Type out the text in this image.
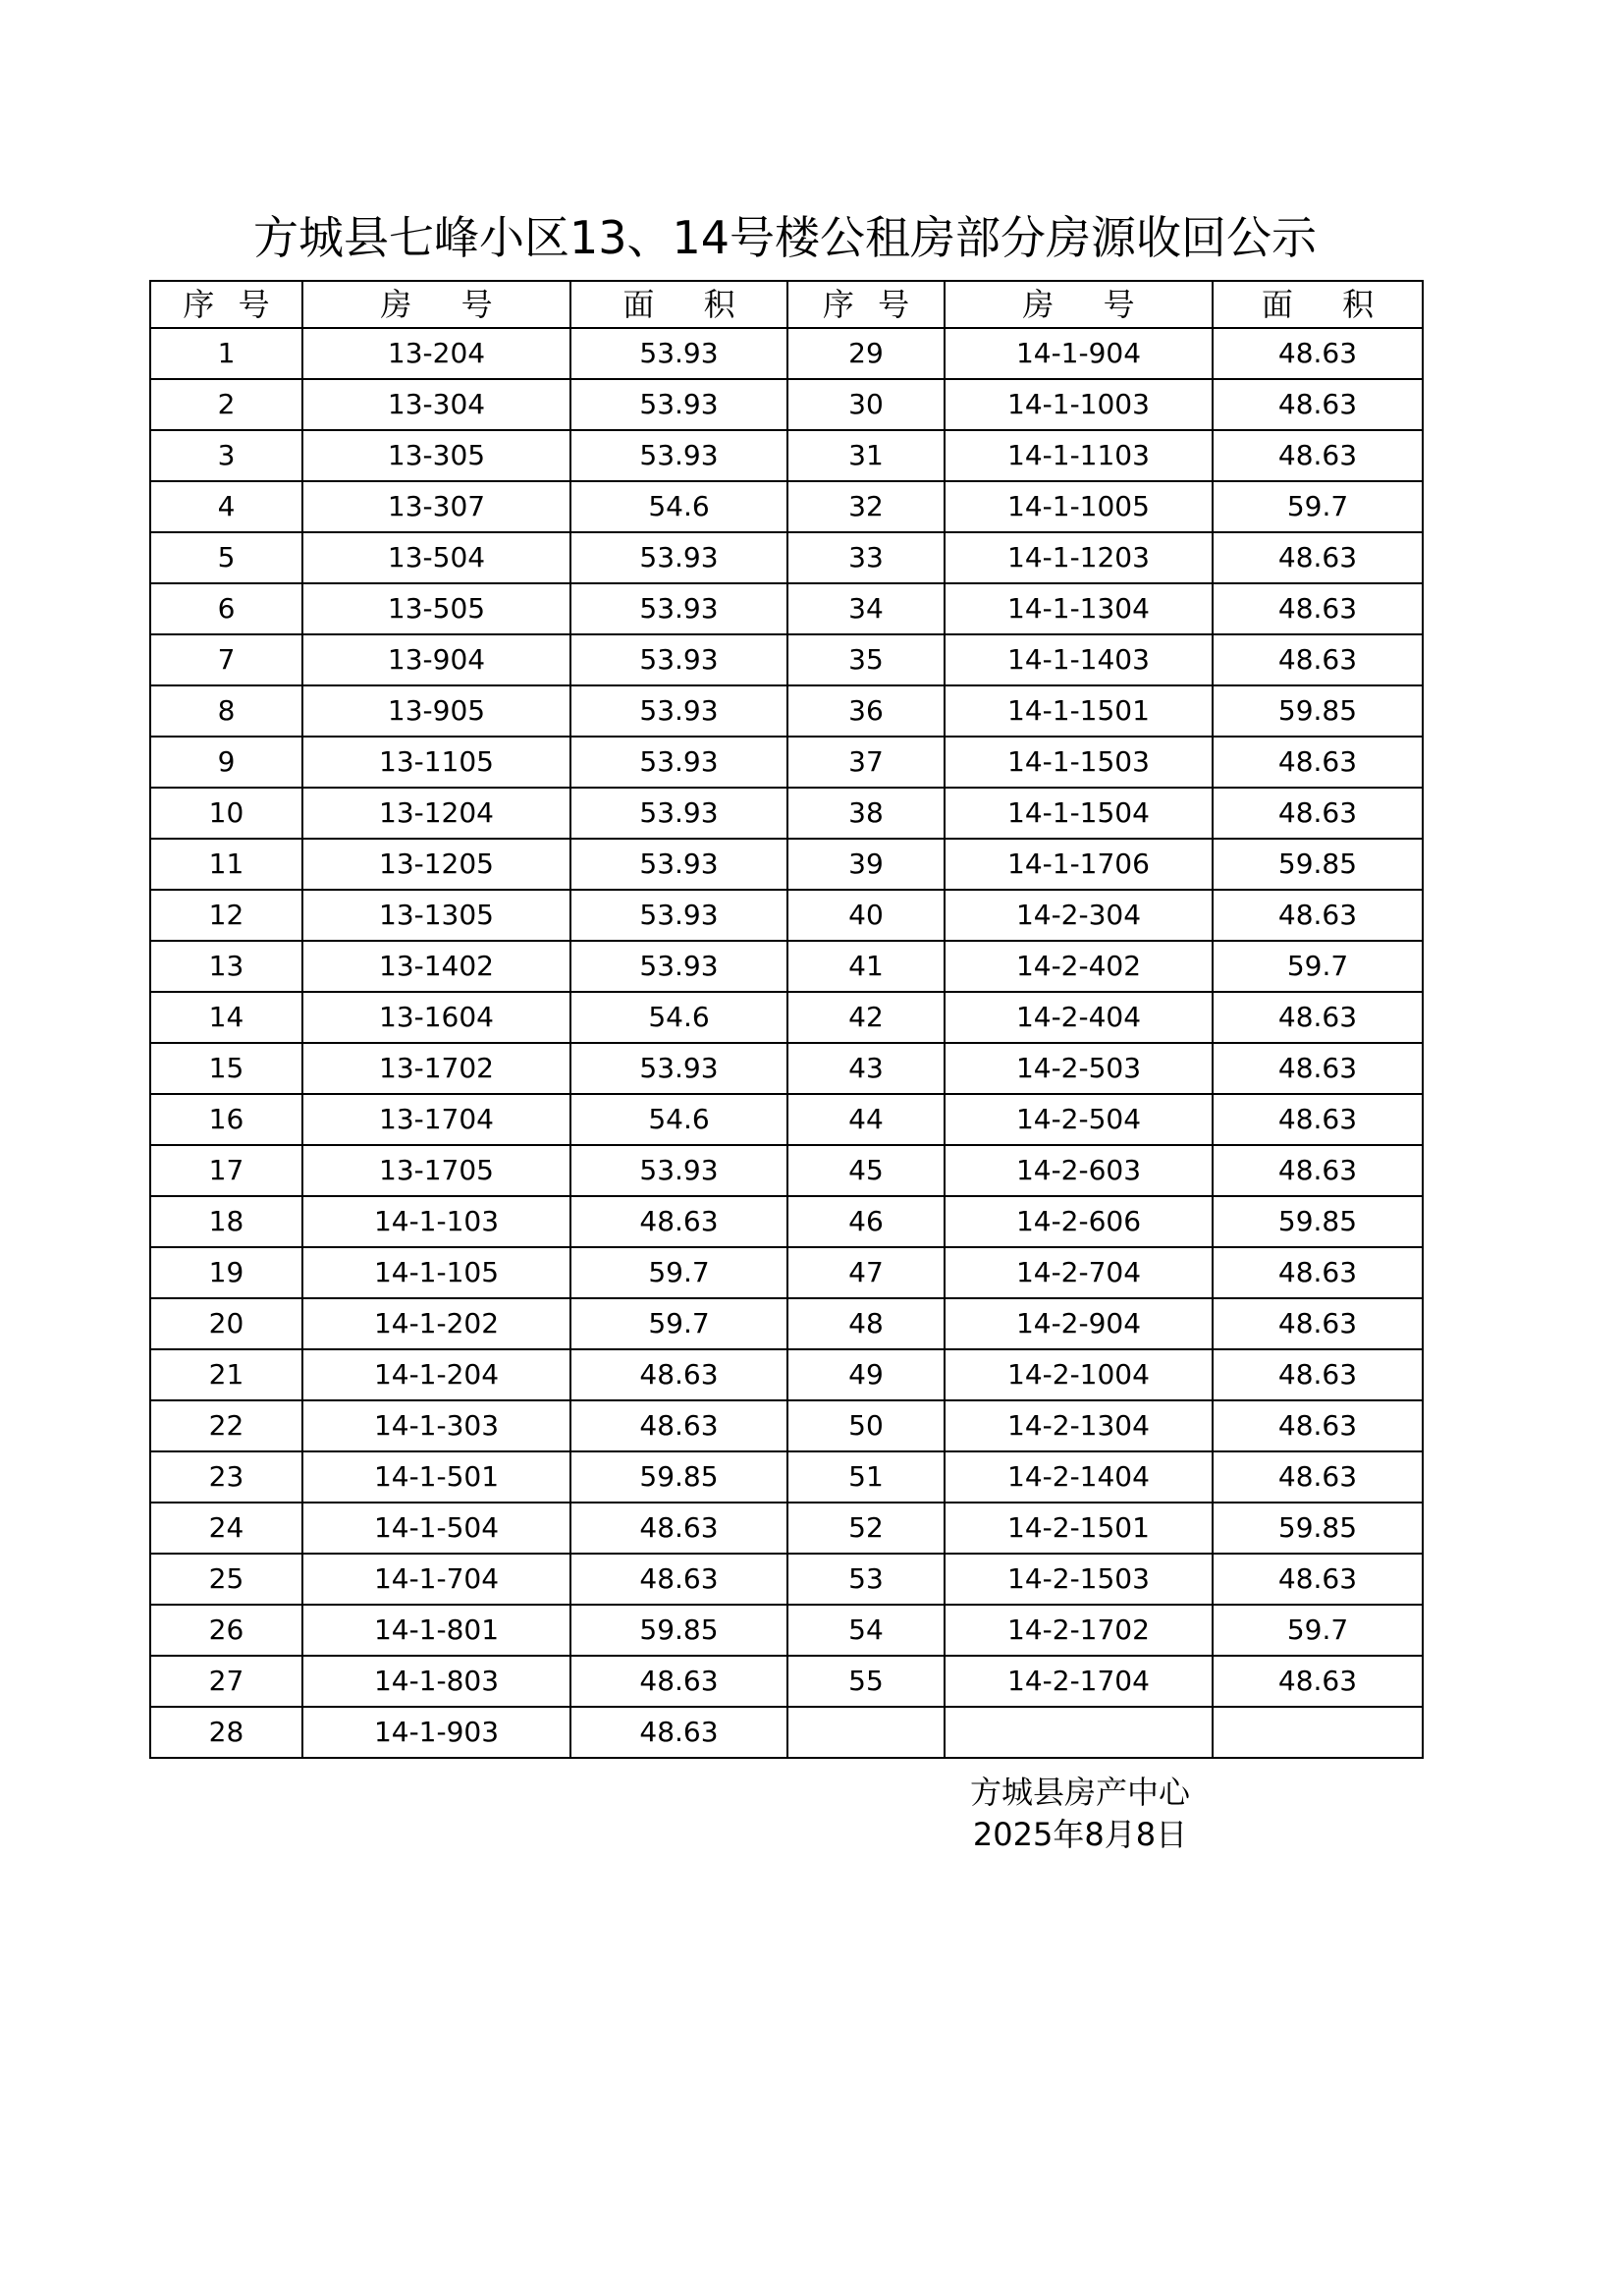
方城县七峰小区13、14号楼公租房部分房源收回公示
序 号	房 号	面 积	序 号	房 号	面 积
1	13-204	53.93	29	14-1-904	48.63
2	13-304	53.93	30	14-1-1003	48.63
3	13-305	53.93	31	14-1-1103	48.63
4	13-307	54.6	32	14-1-1005	59.7
5	13-504	53.93	33	14-1-1203	48.63
6	13-505	53.93	34	14-1-1304	48.63
7	13-904	53.93	35	14-1-1403	48.63
8	13-905	53.93	36	14-1-1501	59.85
9	13-1105	53.93	37	14-1-1503	48.63
10	13-1204	53.93	38	14-1-1504	48.63
11	13-1205	53.93	39	14-1-1706	59.85
12	13-1305	53.93	40	14-2-304	48.63
13	13-1402	53.93	41	14-2-402	59.7
14	13-1604	54.6	42	14-2-404	48.63
15	13-1702	53.93	43	14-2-503	48.63
16	13-1704	54.6	44	14-2-504	48.63
17	13-1705	53.93	45	14-2-603	48.63
18	14-1-103	48.63	46	14-2-606	59.85
19	14-1-105	59.7	47	14-2-704	48.63
20	14-1-202	59.7	48	14-2-904	48.63
21	14-1-204	48.63	49	14-2-1004	48.63
22	14-1-303	48.63	50	14-2-1304	48.63
23	14-1-501	59.85	51	14-2-1404	48.63
24	14-1-504	48.63	52	14-2-1501	59.85
25	14-1-704	48.63	53	14-2-1503	48.63
26	14-1-801	59.85	54	14-2-1702	59.7
27	14-1-803	48.63	55	14-2-1704	48.63
28	14-1-903	48.63			
方城县房产中心
2025年8月8日
